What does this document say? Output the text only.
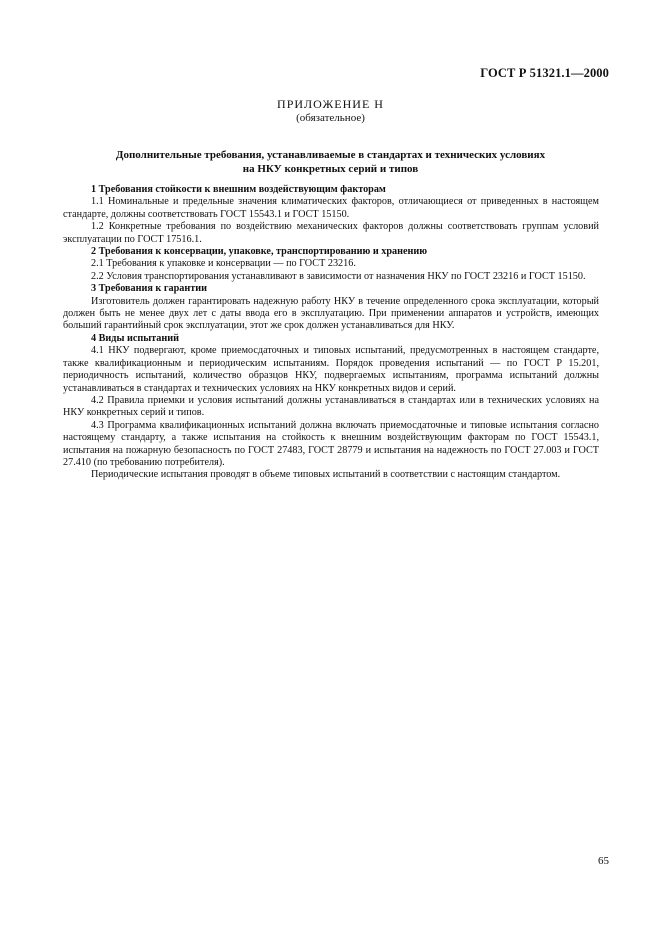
ГОСТ Р 51321.1—2000
ПРИЛОЖЕНИЕ Н
(обязательное)
Дополнительные требования, устанавливаемые в стандартах и технических условиях
на НКУ конкретных серий и типов

1 Требования стойкости к внешним воздействующим факторам

1.1 Номинальные и предельные значения климатических факторов, отличающиеся от приведенных в настоящем стандарте, должны соответствовать ГОСТ 15543.1 и ГОСТ 15150.

1.2 Конкретные требования по воздействию механических факторов должны соответствовать группам условий эксплуатации по ГОСТ 17516.1.

2 Требования к консервации, упаковке, транспортированию и хранению

2.1 Требования к упаковке и консервации — по ГОСТ 23216.

2.2 Условия транспортирования устанавливают в зависимости от назначения НКУ по ГОСТ 23216 и ГОСТ 15150.

3 Требования к гарантии

Изготовитель должен гарантировать надежную работу НКУ в течение определенного срока эксплуатации, который должен быть не менее двух лет с даты ввода его в эксплуатацию. При применении аппаратов и устройств, имеющих больший гарантийный срок эксплуатации, этот же срок должен устанавливаться для НКУ.

4 Виды испытаний

4.1 НКУ подвергают, кроме приемосдаточных и типовых испытаний, предусмотренных в настоящем стандарте, также квалификационным и периодическим испытаниям. Порядок проведения испытаний — по ГОСТ Р 15.201, периодичность испытаний, количество образцов НКУ, подвергаемых испытаниям, программа испытаний должны устанавливаться в стандартах и технических условиях на НКУ конкретных видов и серий.

4.2 Правила приемки и условия испытаний должны устанавливаться в стандартах или в технических условиях на НКУ конкретных серий и типов.

4.3 Программа квалификационных испытаний должна включать приемосдаточные и типовые испытания согласно настоящему стандарту, а также испытания на стойкость к внешним воздействующим факторам по ГОСТ 15543.1, испытания на пожарную безопасность по ГОСТ 27483, ГОСТ 28779 и испытания на надежность по ГОСТ 27.003 и ГОСТ 27.410 (по требованию потребителя).

Периодические испытания проводят в объеме типовых испытаний в соответствии с настоящим стандартом.

65
